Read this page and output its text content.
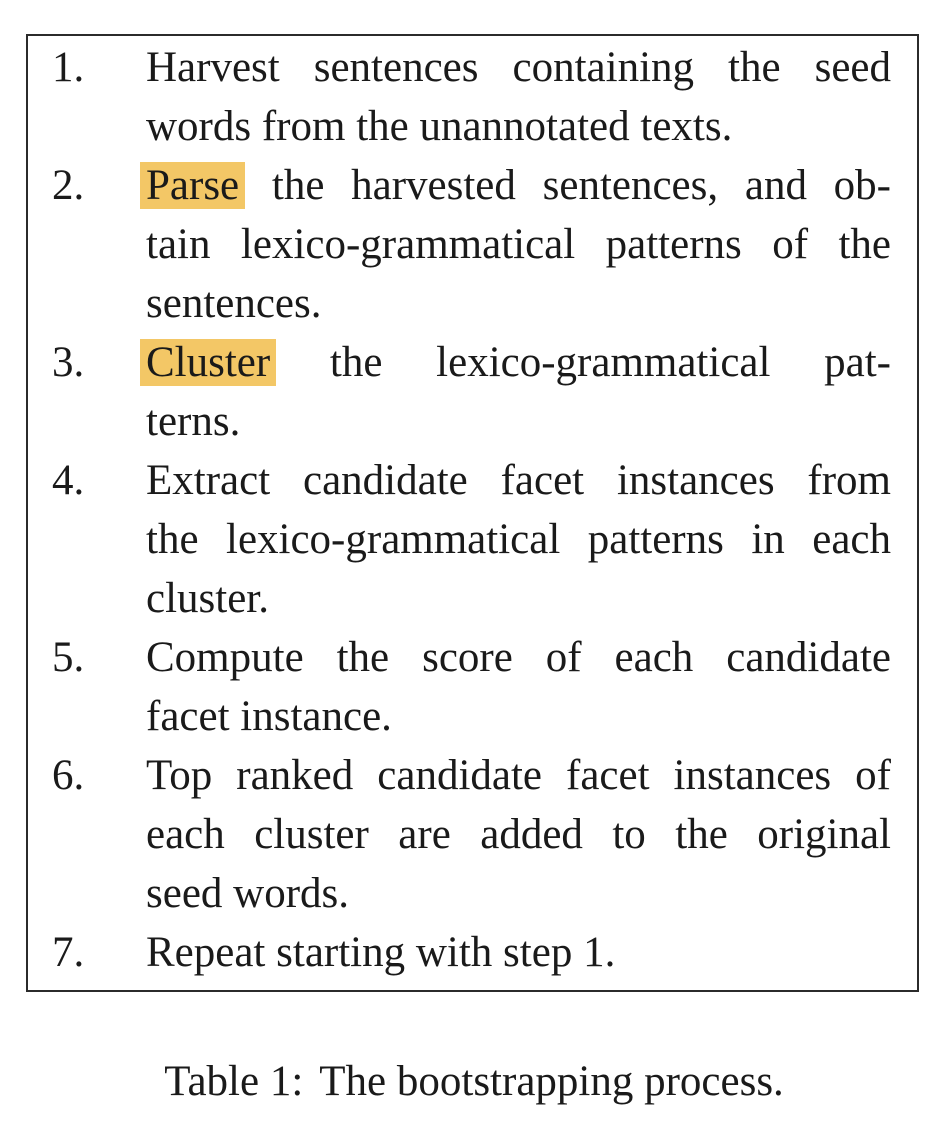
1.	Harvest sentences containing the seed
words from the unannotated texts.
2.	Parse the harvested sentences, and ob-
tain lexico-grammatical patterns of the
sentences.
3.	Cluster the lexico-grammatical pat-
terns.
4.	Extract candidate facet instances from
the lexico-grammatical patterns in each
cluster.
5.	Compute the score of each candidate
facet instance.
6.	Top ranked candidate facet instances of
each cluster are added to the original
seed words.
7.	Repeat starting with step 1.
Table 1: The bootstrapping process.
